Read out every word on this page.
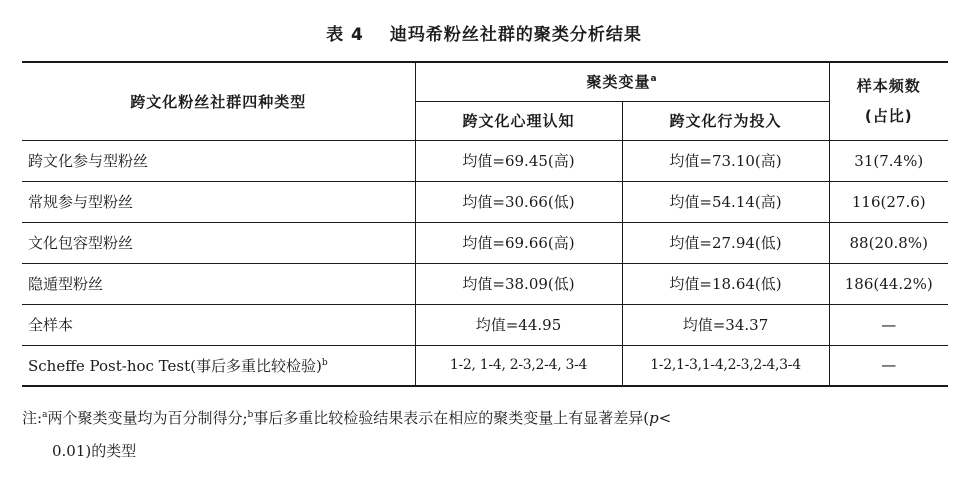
表 4 迪玛希粉丝社群的聚类分析结果
跨文化粉丝社群四种类型	聚类变量$^a$		样本频数
(占比)

	跨文化心理认知	跨文化行为投入	
跨文化参与型粉丝	均值=69.45(高)	均值=73.10(高)	31(7.4%)
常规参与型粉丝	均值=30.66(低)	均值=54.14(高)	116(27.6)
文化包容型粉丝	均值=69.66(高)	均值=27.94(低)	88(20.8%)
隐遁型粉丝	均值=38.09(低)	均值=18.64(低)	186(44.2%)
全样本	均值=44.95	均值=34.37	—
Scheffe Post-hoc Test(事后多重比较检验)$^b$	1-2, 1-4, 2-3,2-4, 3-4	1-2,1-3,1-4,2-3,2-4,3-4	—
注:$^a$两个聚类变量均为百分制得分;$^b$事后多重比较检验结果表示在相应的聚类变量上有显著差异(p<
0.01)的类型
